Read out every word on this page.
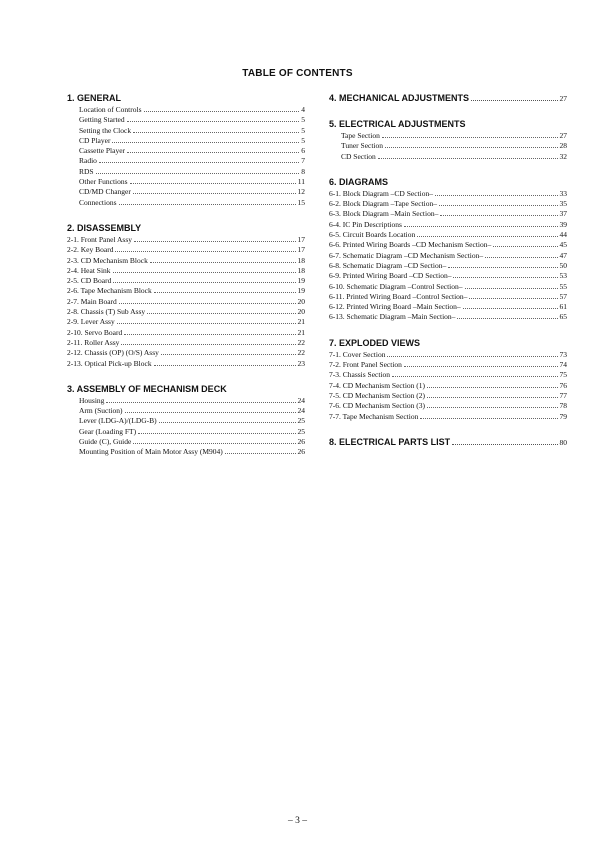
TABLE OF CONTENTS
1. GENERAL
Location of Controls	4
Getting Started	5
Setting the Clock	5
CD Player	5
Cassette Player	6
Radio	7
RDS	8
Other Functions	11
CD/MD Changer	12
Connections	15
2. DISASSEMBLY
2-1. Front Panel Assy	17
2-2. Key Board	17
2-3. CD Mechanism Block	18
2-4. Heat Sink	18
2-5. CD Board	19
2-6. Tape Mechanism Block	19
2-7. Main Board	20
2-8. Chassis (T) Sub Assy	20
2-9. Lever Assy	21
2-10. Servo Board	21
2-11. Roller Assy	22
2-12. Chassis (OP) (O/S) Assy	22
2-13. Optical Pick-up Block	23
3. ASSEMBLY OF MECHANISM DECK
Housing	24
Arm (Suction)	24
Lever (LDG-A)/(LDG-B)	25
Gear (Loading FT)	25
Guide (C), Guide	26
Mounting Position of Main Motor Assy (M904)	26
4. MECHANICAL ADJUSTMENTS	27
5. ELECTRICAL ADJUSTMENTS
Tape Section	27
Tuner Section	28
CD Section	32
6. DIAGRAMS
6-1. Block Diagram –CD Section–	33
6-2. Block Diagram –Tape Section–	35
6-3. Block Diagram –Main Section–	37
6-4. IC Pin Descriptions	39
6-5. Circuit Boards Location	44
6-6. Printed Wiring Boards –CD Mechanism Section–	45
6-7. Schematic Diagram –CD Mechanism Section–	47
6-8. Schematic Diagram –CD Section–	50
6-9. Printed Wiring Board –CD Section–	53
6-10. Schematic Diagram –Control Section–	55
6-11. Printed Wiring Board –Control Section–	57
6-12. Printed Wiring Board –Main Section–	61
6-13. Schematic Diagram –Main Section–	65
7. EXPLODED VIEWS
7-1. Cover Section	73
7-2. Front Panel Section	74
7-3. Chassis Section	75
7-4. CD Mechanism Section (1)	76
7-5. CD Mechanism Section (2)	77
7-6. CD Mechanism Section (3)	78
7-7. Tape Mechanism Section	79
8. ELECTRICAL PARTS LIST	80
– 3 –
